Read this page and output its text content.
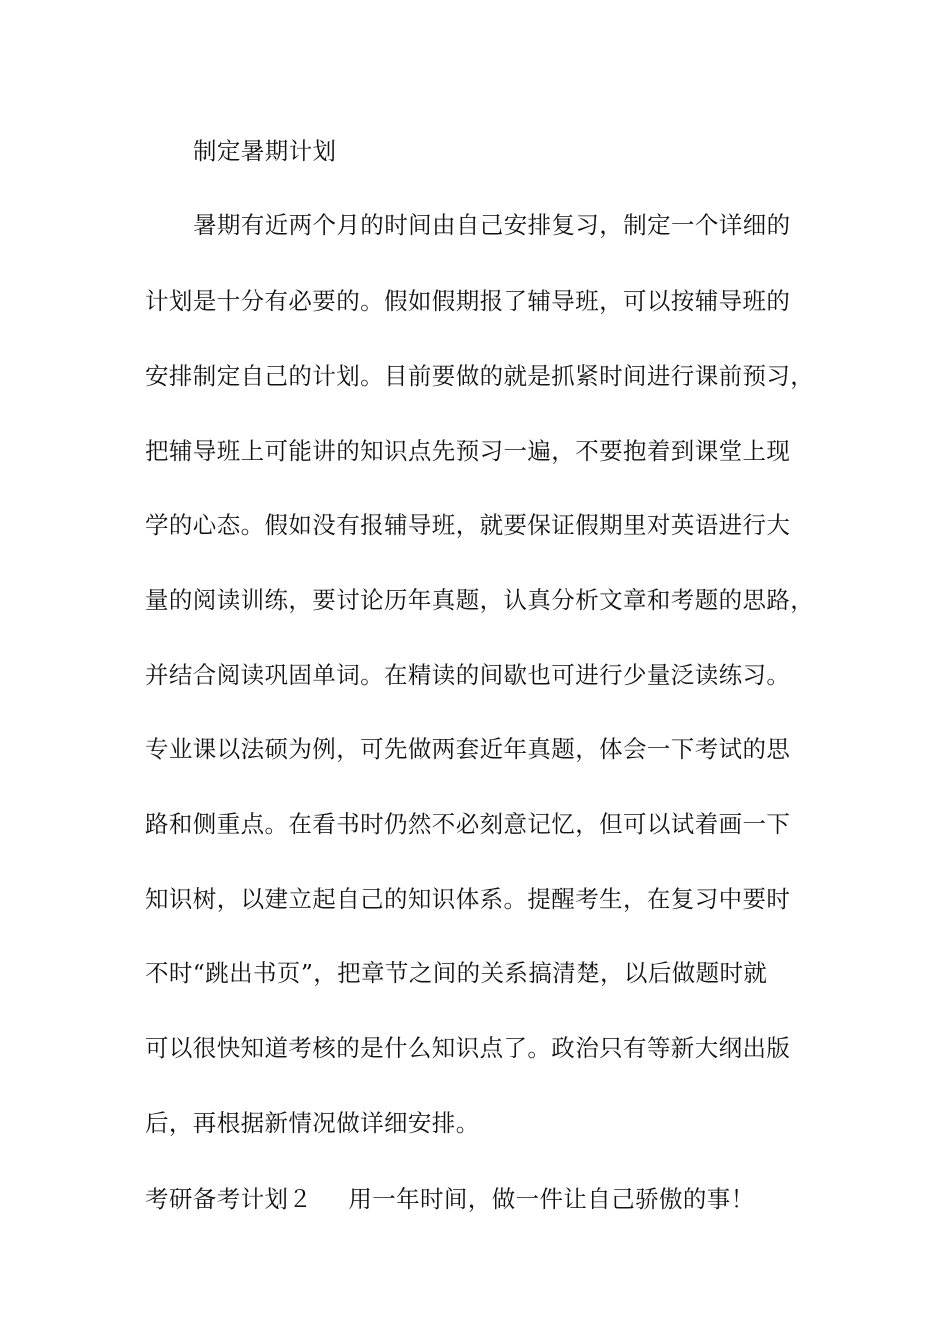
制定暑期计划
暑期有近两个月的时间由自己安排复习，制定一个详细的
计划是十分有必要的。假如假期报了辅导班，可以按辅导班的
安排制定自己的计划。目前要做的就是抓紧时间进行课前预习，
把辅导班上可能讲的知识点先预习一遍，不要抱着到课堂上现
学的心态。假如没有报辅导班，就要保证假期里对英语进行大
量的阅读训练，要讨论历年真题，认真分析文章和考题的思路，
并结合阅读巩固单词。在精读的间歇也可进行少量泛读练习。
专业课以法硕为例，可先做两套近年真题，体会一下考试的思
路和侧重点。在看书时仍然不必刻意记忆，但可以试着画一下
知识树，以建立起自己的知识体系。提醒考生，在复习中要时
不时“跳出书页”，把章节之间的关系搞清楚，以后做题时就
可以很快知道考核的是什么知识点了。政治只有等新大纲出版
后，再根据新情况做详细安排。
考研备考计划２ 用一年时间，做一件让自己骄傲的事！
